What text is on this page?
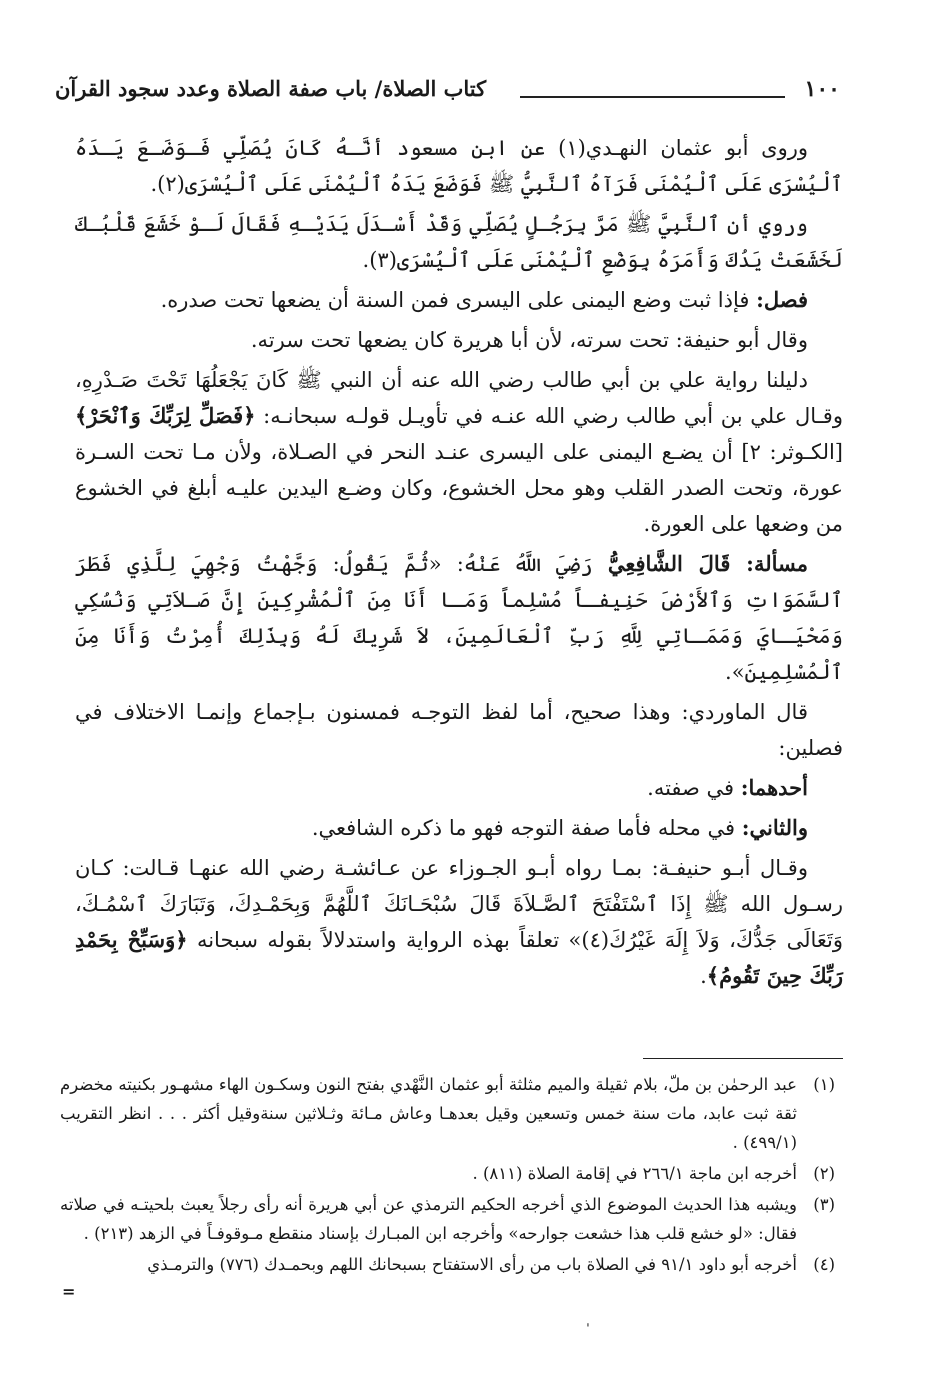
١٠٠
كتاب الصلاة/ باب صفة الصلاة وعدد سجود القرآن

وروى أبو عثمان النهـدي(١) عن ابن مسعود أنَّـهُ كَانَ يُصَلِّي فَـوَضَـعَ يَـدَهُ ٱلْيُسْرَى عَلَى ٱلْيُمْنَى فَرَآهُ ٱلنَّبِيُّ ﷺ فَوَضَعَ يَدَهُ ٱلْيُمْنَى عَلَى ٱلْيُسْرَى(٢).

وروي أن ٱلنَّبِيَّ ﷺ مَرَّ بِرَجُـلٍ يُصَلِّي وَقَدْ أَسْـدَلَ يَدَيْـهِ فَقَالَ لَـوْ خَشَعَ قَلْبُـكَ لَخَشَعَتْ يَدُكَ وَأَمَرَهُ بِوَضْعِ ٱلْيُمْنَى عَلَى ٱلْيُسْرَى(٣).

فصل: فإذا ثبت وضع اليمنى على اليسرى فمن السنة أن يضعها تحت صدره.

وقال أبو حنيفة: تحت سرته، لأن أبا هريرة كان يضعها تحت سرته.

دليلنا رواية علي بن أبي طالب رضي الله عنه أن النبي ﷺ كَانَ يَجْعَلُهَا تَحْتَ صَـدْرِهِ، وقـال علي بن أبي طالب رضي الله عنـه في تأويـل قولـه سبحانـه: ﴿فَصَلِّ لِرَبِّكَ وَٱنْحَرْ﴾ [الكـوثر: ٢] أن يضـع اليمنى على اليسرى عنـد النحر في الصـلاة، ولأن مـا تحت السـرة عورة، وتحت الصدر القلب وهو محل الخشوع، وكان وضـع اليدين عليـه أبلغ في الخشوع من وضعها على العورة.

مسألة: قَالَ الشَّافِعِيُّ رَضِيَ اللَّهُ عَنْهُ: «ثُمَّ يَقُولُ: وَجَّهْتُ وَجْهِيَ لِلَّذِي فَطَرَ ٱلسَّمَوَاتِ وَٱلأَرْضَ حَنِيفـاً مُسْلِماً وَمَـا أَنَا مِنَ ٱلْمُشْرِكِينَ إِنَّ صَـلاَتِي وَنُسُكِي وَمَحْيَـايَ وَمَمَـاتِي لِلَّهِ رَبِّ ٱلْعَالَمِينَ، لاَ شَرِيكَ لَهُ وَبِذَلِكَ أُمِرْتُ وَأَنَا مِنَ ٱلْمُسْلِمِينَ».

قال الماوردي: وهذا صحيح، أما لفظ التوجـه فمسنون بـإجماع وإنمـا الاختلاف في فصلين:

أحدهما: في صفته.

والثاني: في محله فأما صفة التوجه فهو ما ذكره الشافعي.

وقـال أبـو حنيفـة: بمـا رواه أبـو الجـوزاء عن عـائشـة رضي الله عنهـا قـالت: كـان رسـول الله ﷺ إِذَا ٱسْتَفْتَحَ ٱلصَّـلاَةَ قَالَ سُبْحَـانَكَ ٱللَّهُمَّ وَبِحَمْـدِكَ، وَتَبَارَكَ ٱسْمُـكَ، وَتَعَالَى جَدُّكَ، وَلاَ إِلَهَ غَيْرُكَ(٤)» تعلقاً بهذه الرواية واستدلالاً بقوله سبحانه ﴿وَسَبِّحْ بِحَمْدِ رَبِّكَ حِينَ تَقُومُ﴾.

(١)
عبد الرحمٰن بن ملّ، بلام ثقيلة والميم مثلثة أبو عثمان النَّهْدي بفتح النون وسكـون الهاء مشهـور بكنيته مخضرم ثقة ثبت عابد، مات سنة خمس وتسعين وقيل بعدهـا وعاش مـائة وثـلاثين سنةوقيل أكثر . . . انظر التقريب (٤٩٩/١) .
(٢)
أخرجه ابن ماجة ٢٦٦/١ في إقامة الصلاة (٨١١) .
(٣)
ويشبه هذا الحديث الموضوع الذي أخرجه الحكيم الترمذي عن أبي هريرة أنه رأى رجلاً يعبث بلحيتـه في صلاته فقال: «لو خشع قلب هذا خشعت جوارحه» وأخرجه ابن المبـارك بإسناد منقطع مـوقوفـاً في الزهد (٢١٣) .
(٤)
أخرجه أبو داود ٩١/١ في الصلاة باب من رأى الاستفتاح بسبحانك اللهم وبحمـدك (٧٧٦) والترمـذي
=
ˈ
